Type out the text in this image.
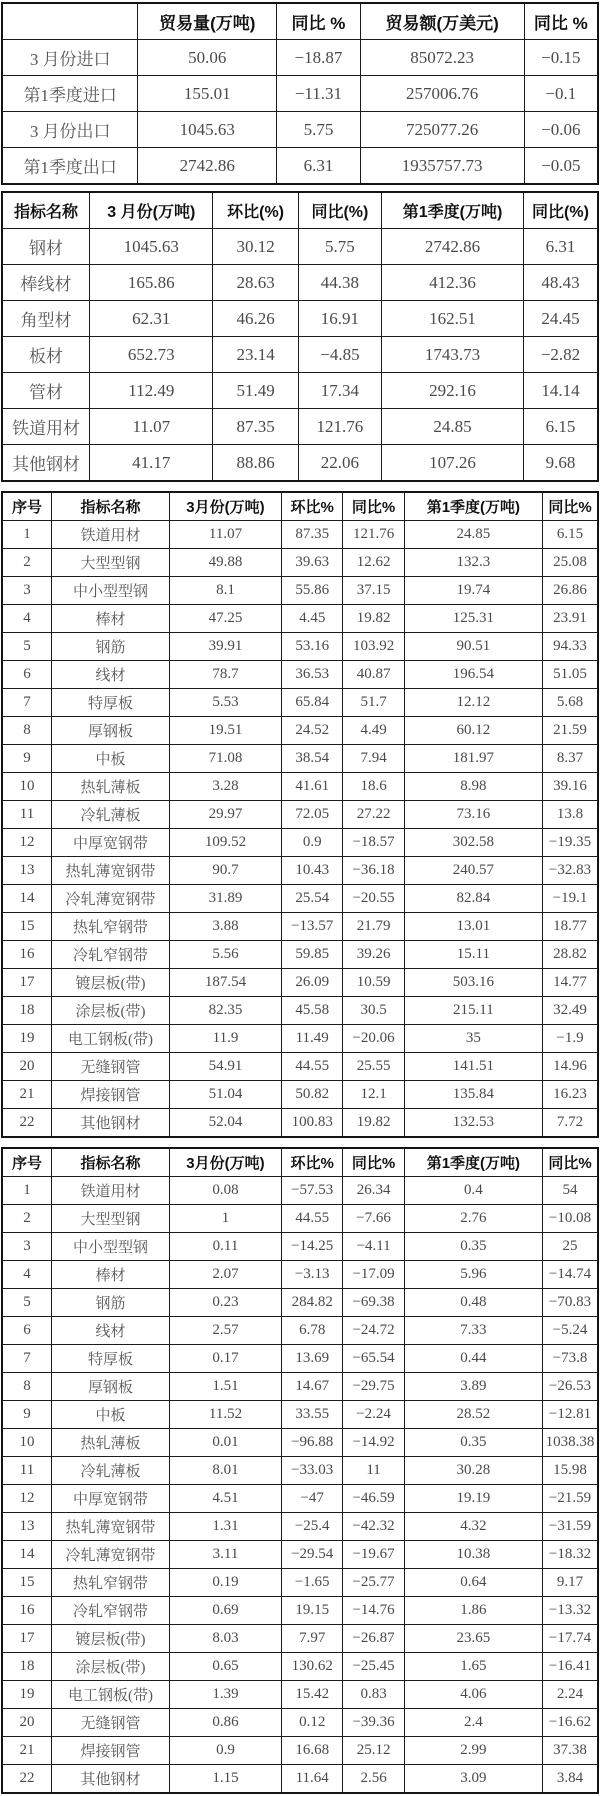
	贸易量(万吨)	同比 %	贸易额(万美元)	同比 %
3 月份进口	50.06	−18.87	85072.23	−0.15
第1季度进口	155.01	−11.31	257006.76	−0.1
3 月份出口	1045.63	5.75	725077.26	−0.06
第1季度出口	2742.86	6.31	1935757.73	−0.05
指标名称	3 月份(万吨)	环比(%)	同比(%)	第1季度(万吨)	同比(%)
钢材	1045.63	30.12	5.75	2742.86	6.31
棒线材	165.86	28.63	44.38	412.36	48.43
角型材	62.31	46.26	16.91	162.51	24.45
板材	652.73	23.14	−4.85	1743.73	−2.82
管材	112.49	51.49	17.34	292.16	14.14
铁道用材	11.07	87.35	121.76	24.85	6.15
其他钢材	41.17	88.86	22.06	107.26	9.68
序号	指标名称	3月份(万吨)	环比%	同比%	第1季度(万吨)	同比%
1	铁道用材	11.07	87.35	121.76	24.85	6.15
2	大型型钢	49.88	39.63	12.62	132.3	25.08
3	中小型型钢	8.1	55.86	37.15	19.74	26.86
4	棒材	47.25	4.45	19.82	125.31	23.91
5	钢筋	39.91	53.16	103.92	90.51	94.33
6	线材	78.7	36.53	40.87	196.54	51.05
7	特厚板	5.53	65.84	51.7	12.12	5.68
8	厚钢板	19.51	24.52	4.49	60.12	21.59
9	中板	71.08	38.54	7.94	181.97	8.37
10	热轧薄板	3.28	41.61	18.6	8.98	39.16
11	冷轧薄板	29.97	72.05	27.22	73.16	13.8
12	中厚宽钢带	109.52	0.9	−18.57	302.58	−19.35
13	热轧薄宽钢带	90.7	10.43	−36.18	240.57	−32.83
14	冷轧薄宽钢带	31.89	25.54	−20.55	82.84	−19.1
15	热轧窄钢带	3.88	−13.57	21.79	13.01	18.77
16	冷轧窄钢带	5.56	59.85	39.26	15.11	28.82
17	镀层板(带)	187.54	26.09	10.59	503.16	14.77
18	涂层板(带)	82.35	45.58	30.5	215.11	32.49
19	电工钢板(带)	11.9	11.49	−20.06	35	−1.9
20	无缝钢管	54.91	44.55	25.55	141.51	14.96
21	焊接钢管	51.04	50.82	12.1	135.84	16.23
22	其他钢材	52.04	100.83	19.82	132.53	7.72
序号	指标名称	3月份(万吨)	环比%	同比%	第1季度(万吨)	同比%
1	铁道用材	0.08	−57.53	26.34	0.4	54
2	大型型钢	1	44.55	−7.66	2.76	−10.08
3	中小型型钢	0.11	−14.25	−4.11	0.35	25
4	棒材	2.07	−3.13	−17.09	5.96	−14.74
5	钢筋	0.23	284.82	−69.38	0.48	−70.83
6	线材	2.57	6.78	−24.72	7.33	−5.24
7	特厚板	0.17	13.69	−65.54	0.44	−73.8
8	厚钢板	1.51	14.67	−29.75	3.89	−26.53
9	中板	11.52	33.55	−2.24	28.52	−12.81
10	热轧薄板	0.01	−96.88	−14.92	0.35	1038.38
11	冷轧薄板	8.01	−33.03	11	30.28	15.98
12	中厚宽钢带	4.51	−47	−46.59	19.19	−21.59
13	热轧薄宽钢带	1.31	−25.4	−42.32	4.32	−31.59
14	冷轧薄宽钢带	3.11	−29.54	−19.67	10.38	−18.32
15	热轧窄钢带	0.19	−1.65	−25.77	0.64	9.17
16	冷轧窄钢带	0.69	19.15	−14.76	1.86	−13.32
17	镀层板(带)	8.03	7.97	−26.87	23.65	−17.74
18	涂层板(带)	0.65	130.62	−25.45	1.65	−16.41
19	电工钢板(带)	1.39	15.42	0.83	4.06	2.24
20	无缝钢管	0.86	0.12	−39.36	2.4	−16.62
21	焊接钢管	0.9	16.68	25.12	2.99	37.38
22	其他钢材	1.15	11.64	2.56	3.09	3.84
